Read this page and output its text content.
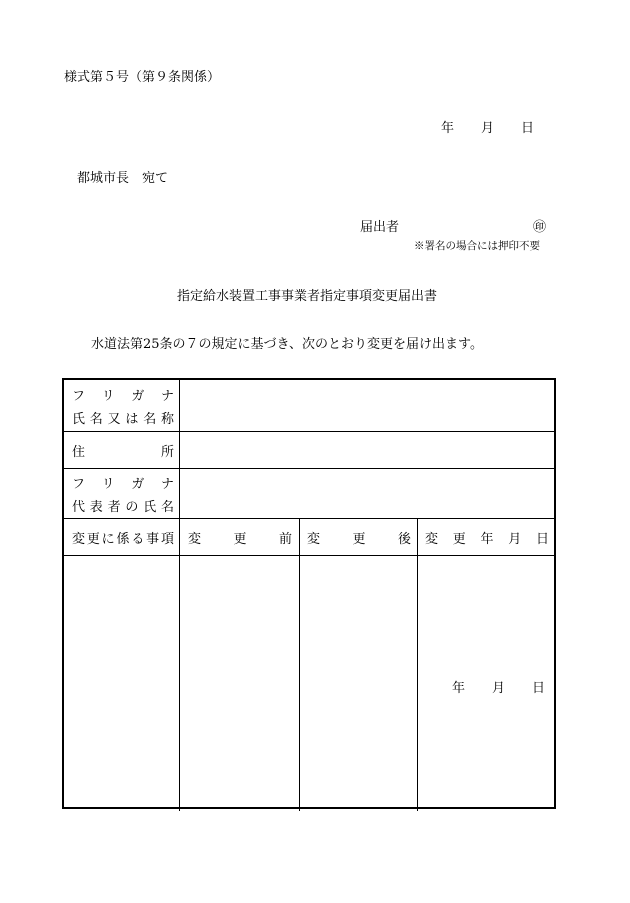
様式第５号（第９条関係）
年 月 日
都城市長　宛て
届出者	㊞
※署名の場合には押印不要
指定給水装置工事事業者指定事項変更届出書
水道法第25条の７の規定に基づき、次のとおり変更を届け出ます。
フ リ ガ ナ
氏 名 又 は 名 称
住	所
フ リ ガ ナ
代 表 者 の 氏 名
変 更 に 係 る 事 項 変 更 前 変 更 後 変 更 年 月 日
年 月 日
